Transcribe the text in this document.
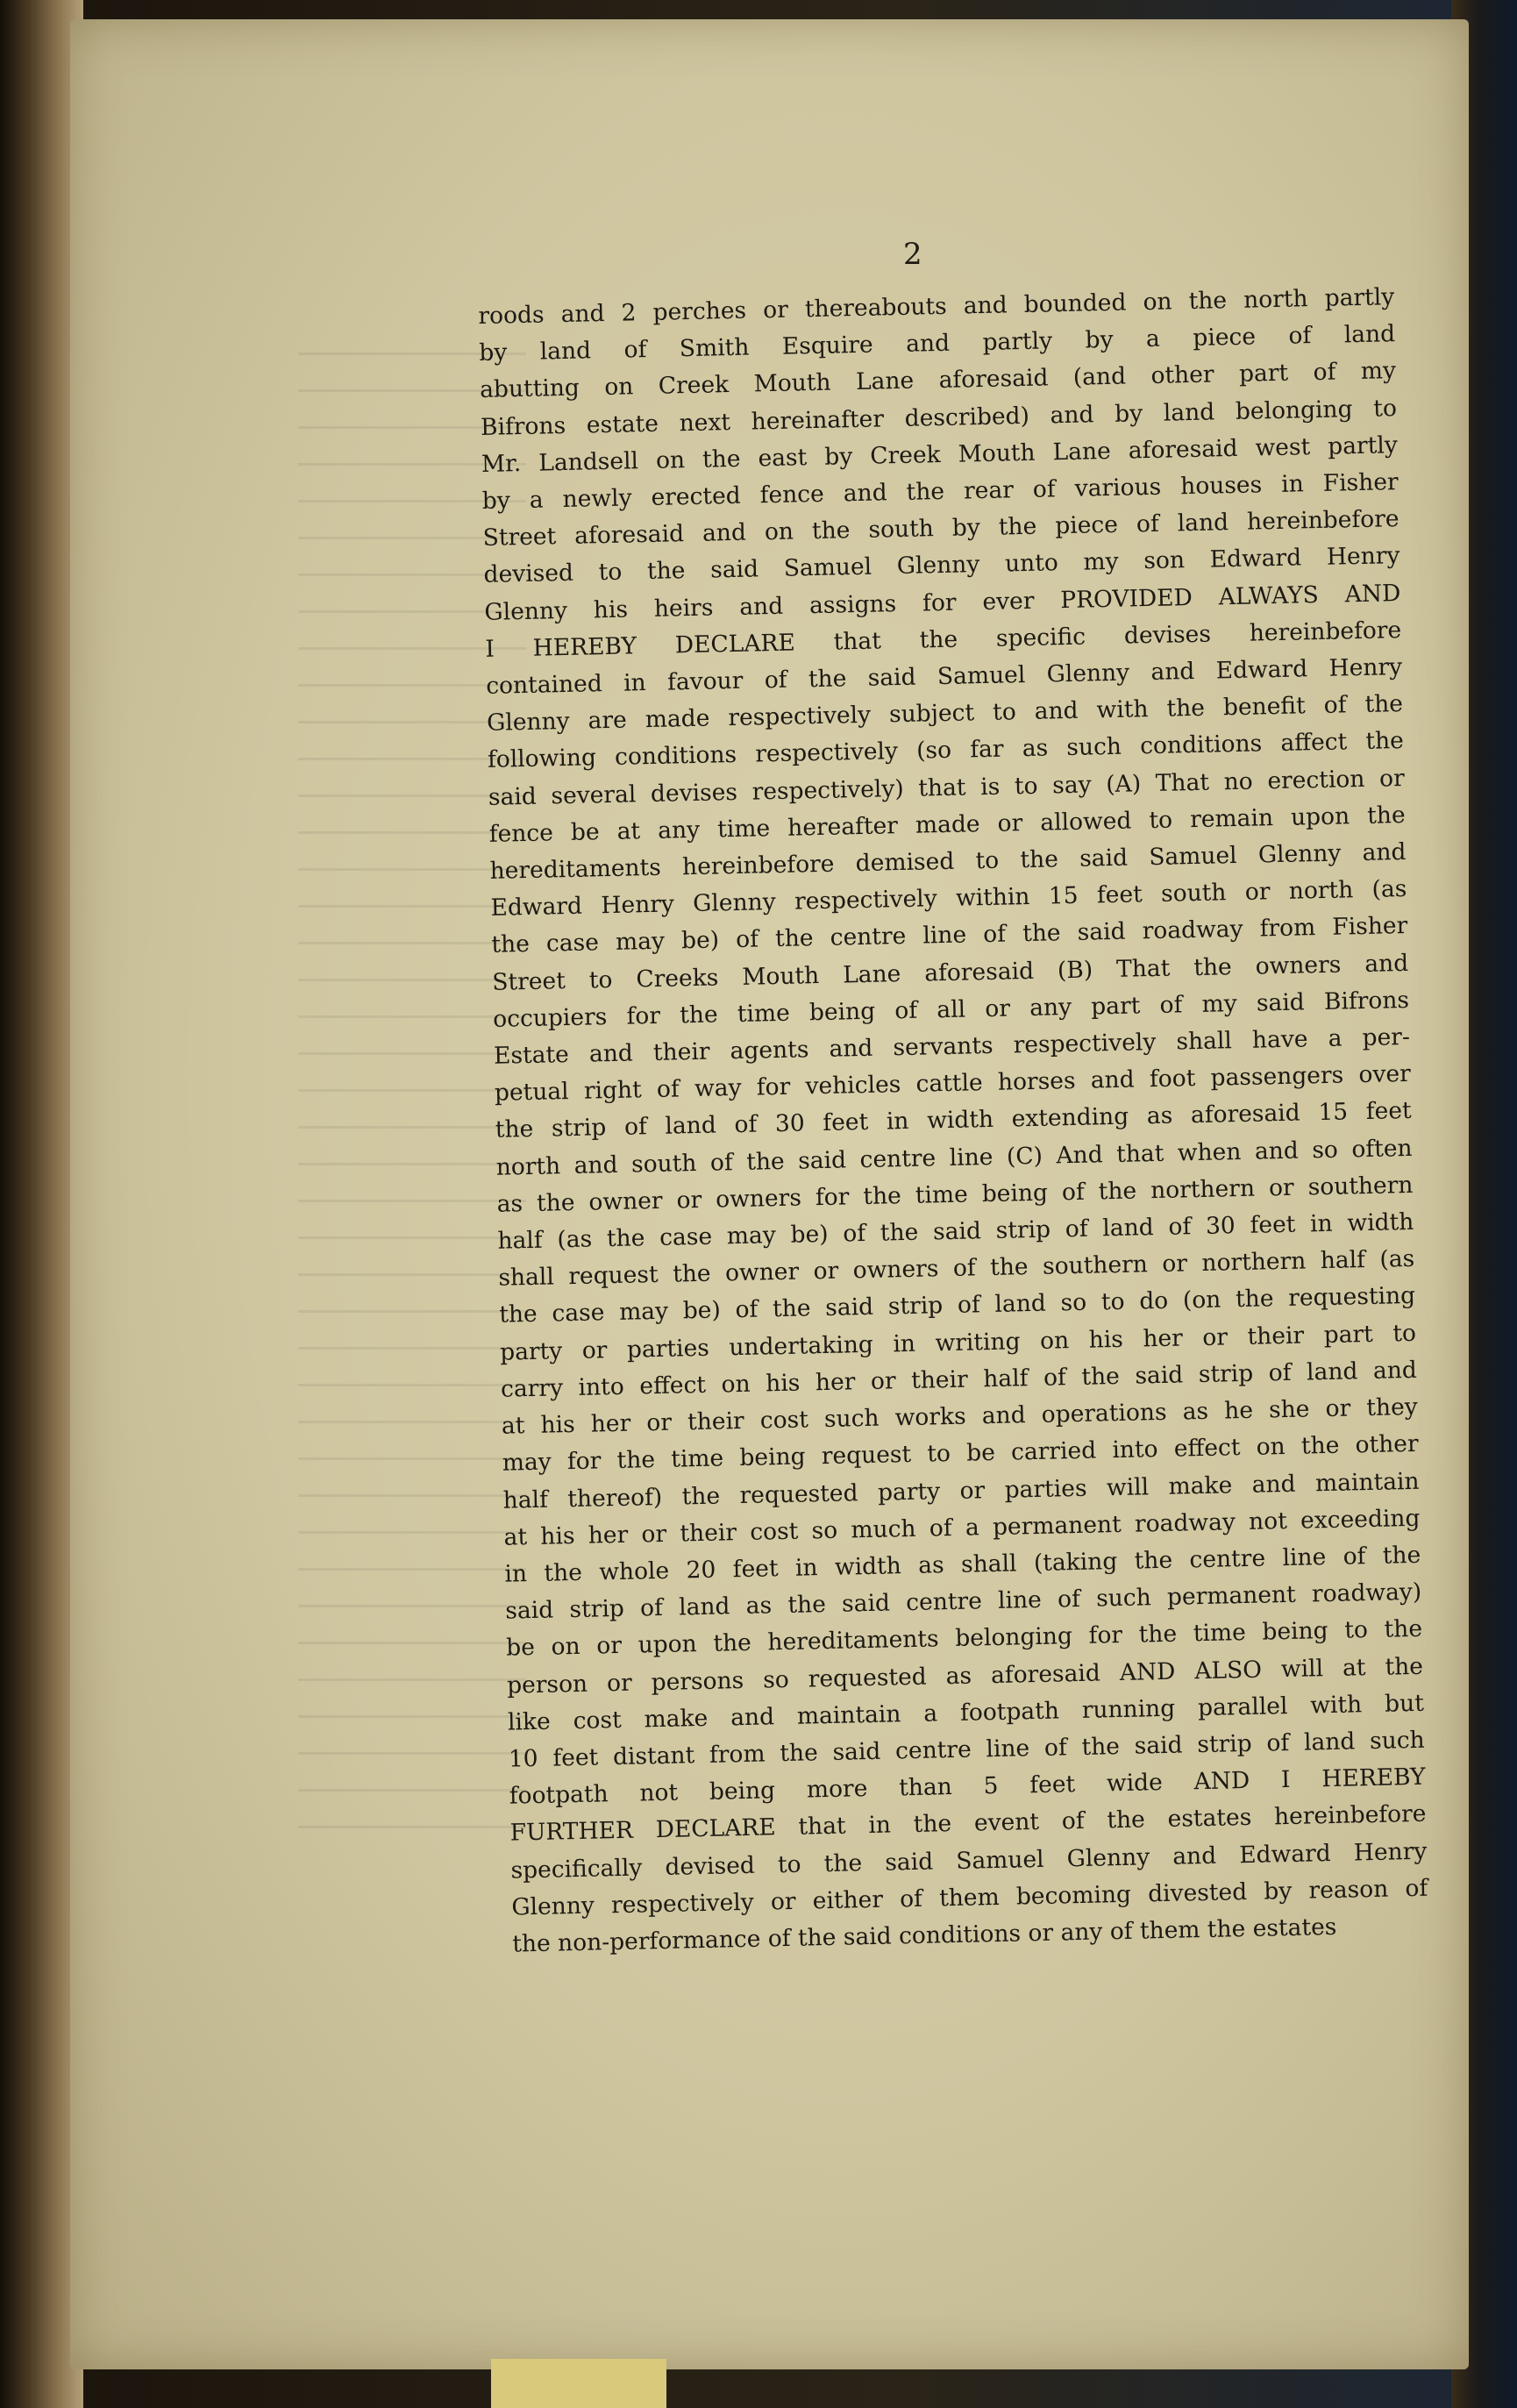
2
roods and 2 perches or thereabouts and bounded on the north partly
by land of Smith Esquire and partly by a piece of land
abutting on Creek Mouth Lane aforesaid (and other part of my
Bifrons estate next hereinafter described) and by land belonging to
Mr. Landsell on the east by Creek Mouth Lane aforesaid west partly
by a newly erected fence and the rear of various houses in Fisher
Street aforesaid and on the south by the piece of land hereinbefore
devised to the said Samuel Glenny unto my son Edward Henry
Glenny his heirs and assigns for ever PROVIDED ALWAYS AND
I HEREBY DECLARE that the specific devises hereinbefore
contained in favour of the said Samuel Glenny and Edward Henry
Glenny are made respectively subject to and with the benefit of the
following conditions respectively (so far as such conditions affect the
said several devises respectively) that is to say (A) That no erection or
fence be at any time hereafter made or allowed to remain upon the
hereditaments hereinbefore demised to the said Samuel Glenny and
Edward Henry Glenny respectively within 15 feet south or north (as
the case may be) of the centre line of the said roadway from Fisher
Street to Creeks Mouth Lane aforesaid (B) That the owners and
occupiers for the time being of all or any part of my said Bifrons
Estate and their agents and servants respectively shall have a per-
petual right of way for vehicles cattle horses and foot passengers over
the strip of land of 30 feet in width extending as aforesaid 15 feet
north and south of the said centre line (C) And that when and so often
as the owner or owners for the time being of the northern or southern
half (as the case may be) of the said strip of land of 30 feet in width
shall request the owner or owners of the southern or northern half (as
the case may be) of the said strip of land so to do (on the requesting
party or parties undertaking in writing on his her or their part to
carry into effect on his her or their half of the said strip of land and
at his her or their cost such works and operations as he she or they
may for the time being request to be carried into effect on the other
half thereof) the requested party or parties will make and maintain
at his her or their cost so much of a permanent roadway not exceeding
in the whole 20 feet in width as shall (taking the centre line of the
said strip of land as the said centre line of such permanent roadway)
be on or upon the hereditaments belonging for the time being to the
person or persons so requested as aforesaid AND ALSO will at the
like cost make and maintain a footpath running parallel with but
10 feet distant from the said centre line of the said strip of land such
footpath not being more than 5 feet wide AND I HEREBY
FURTHER DECLARE that in the event of the estates hereinbefore
specifically devised to the said Samuel Glenny and Edward Henry
Glenny respectively or either of them becoming divested by reason of
the non-performance of the said conditions or any of them the estates
